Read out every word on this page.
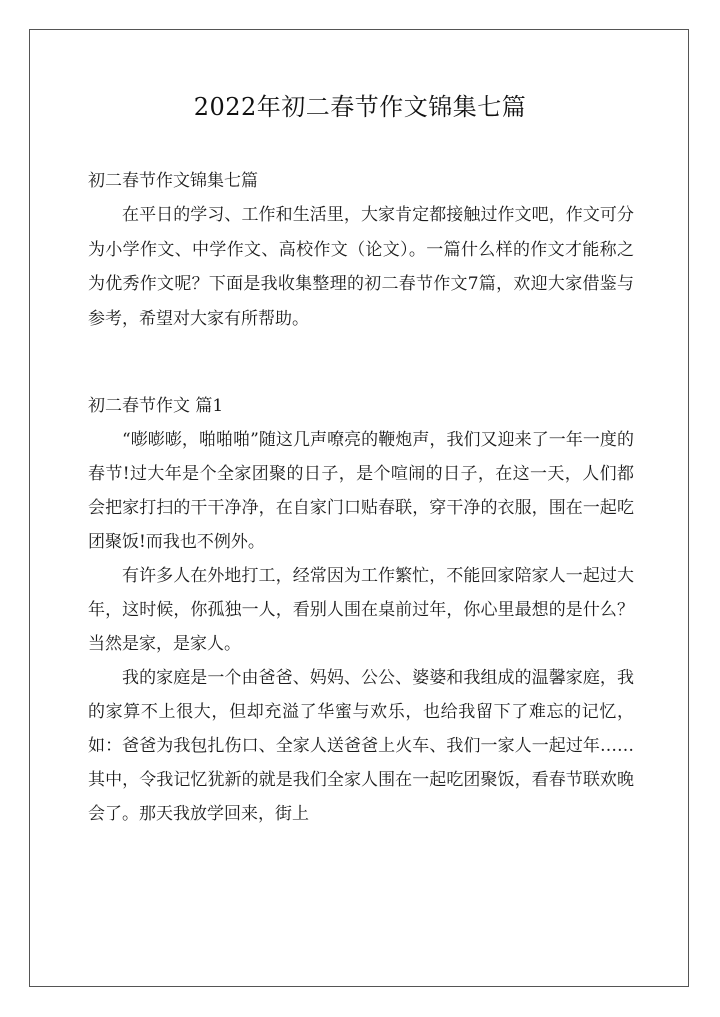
2022年初二春节作文锦集七篇
初二春节作文锦集七篇

在平日的学习、工作和生活里，大家肯定都接触过作文吧，作文可分为小学作文、中学作文、高校作文（论文）。一篇什么样的作文才能称之为优秀作文呢？下面是我收集整理的初二春节作文7篇，欢迎大家借鉴与参考，希望对大家有所帮助。

初二春节作文 篇1

“嘭嘭嘭，啪啪啪”随这几声嘹亮的鞭炮声，我们又迎来了一年一度的春节!过大年是个全家团聚的日子，是个喧闹的日子，在这一天，人们都会把家打扫的干干净净，在自家门口贴春联，穿干净的衣服，围在一起吃团聚饭!而我也不例外。

有许多人在外地打工，经常因为工作繁忙，不能回家陪家人一起过大年，这时候，你孤独一人，看别人围在桌前过年，你心里最想的是什么？当然是家，是家人。

我的家庭是一个由爸爸、妈妈、公公、婆婆和我组成的温馨家庭，我的家算不上很大，但却充溢了华蜜与欢乐，也给我留下了难忘的记忆，如：爸爸为我包扎伤口、全家人送爸爸上火车、我们一家人一起过年……其中，令我记忆犹新的就是我们全家人围在一起吃团聚饭，看春节联欢晚会了。那天我放学回来，街上
